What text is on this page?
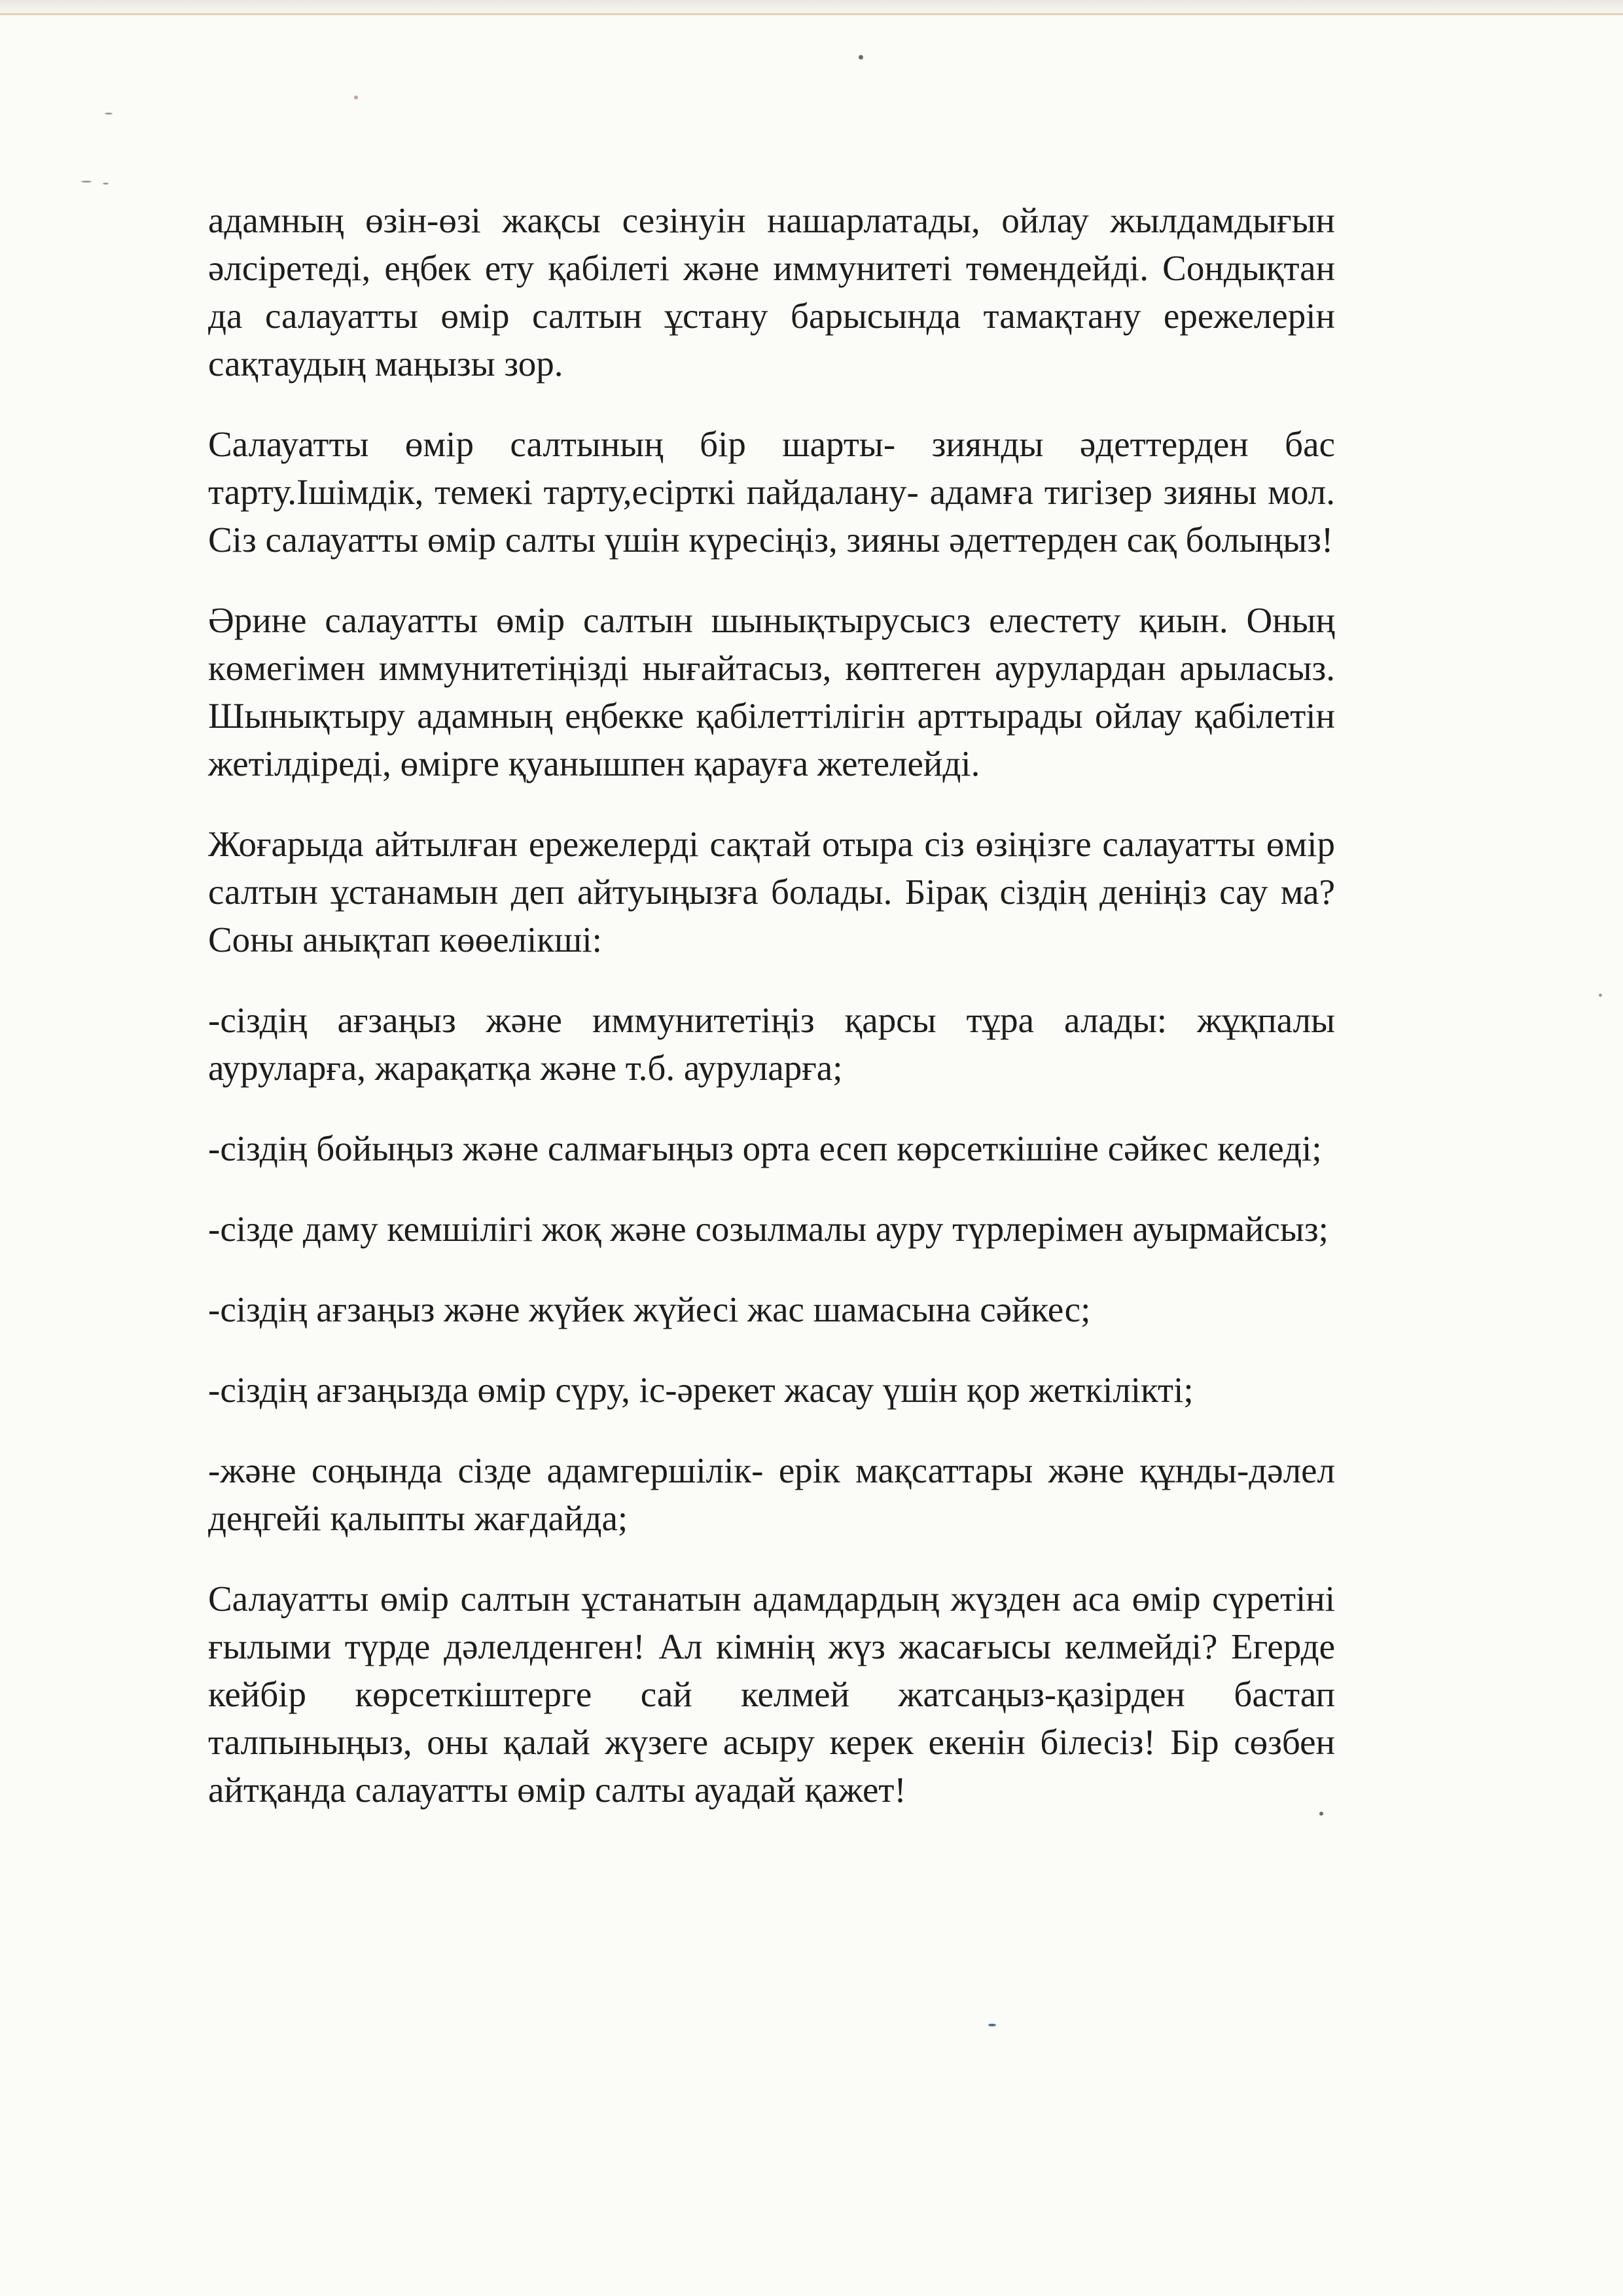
адамның өзін-өзі жақсы сезінуін нашарлатады, ойлау жылдамдығын әлсіретеді, еңбек ету қабілеті және иммунитеті төмендейді. Сондықтан да салауатты өмір салтын ұстану барысында тамақтану ережелерін сақтаудың маңызы зор.

Салауатты өмір салтының бір шарты- зиянды әдеттерден бас тарту.Ішімдік, темекі тарту,есірткі пайдалану- адамға тигізер зияны мол. Сіз салауатты өмір салты үшін күресіңіз, зияны әдеттерден сақ болыңыз!

Әрине салауатты өмір салтын шынықтырусысз елестету қиын. Оның көмегімен иммунитетіңізді нығайтасыз, көптеген аурулардан арыласыз. Шынықтыру адамның еңбекке қабілеттілігін арттырады ойлау қабілетін жетілдіреді, өмірге қуанышпен қарауға жетелейді.

Жоғарыда айтылған ережелерді сақтай отыра сіз өзіңізге салауатты өмір салтын ұстанамын деп айтуыңызға болады. Бірақ сіздің деніңіз сау ма? Соны анықтап көөелікші:

-сіздің ағзаңыз және иммунитетіңіз қарсы тұра алады: жұқпалы ауруларға, жарақатқа және т.б. ауруларға;

-сіздің бойыңыз және салмағыңыз орта есеп көрсеткішіне сәйкес келеді;

-сізде даму кемшілігі жоқ және созылмалы ауру түрлерімен ауырмайсыз;

-сіздің ағзаңыз және жүйек жүйесі жас шамасына сәйкес;

-сіздің ағзаңызда өмір сүру, іс-әрекет жасау үшін қор жеткілікті;

-және соңында сізде адамгершілік- ерік мақсаттары және құнды-дәлел деңгейі қалыпты жағдайда;

Салауатты өмір салтын ұстанатын адамдардың жүзден аса өмір сүретіні ғылыми түрде дәлелденген! Ал кімнің жүз жасағысы келмейді? Егерде кейбір көрсеткіштерге сай келмей жатсаңыз-қазірден бастап талпыныңыз, оны қалай жүзеге асыру керек екенін білесіз! Бір сөзбен айтқанда салауатты өмір салты ауадай қажет!
